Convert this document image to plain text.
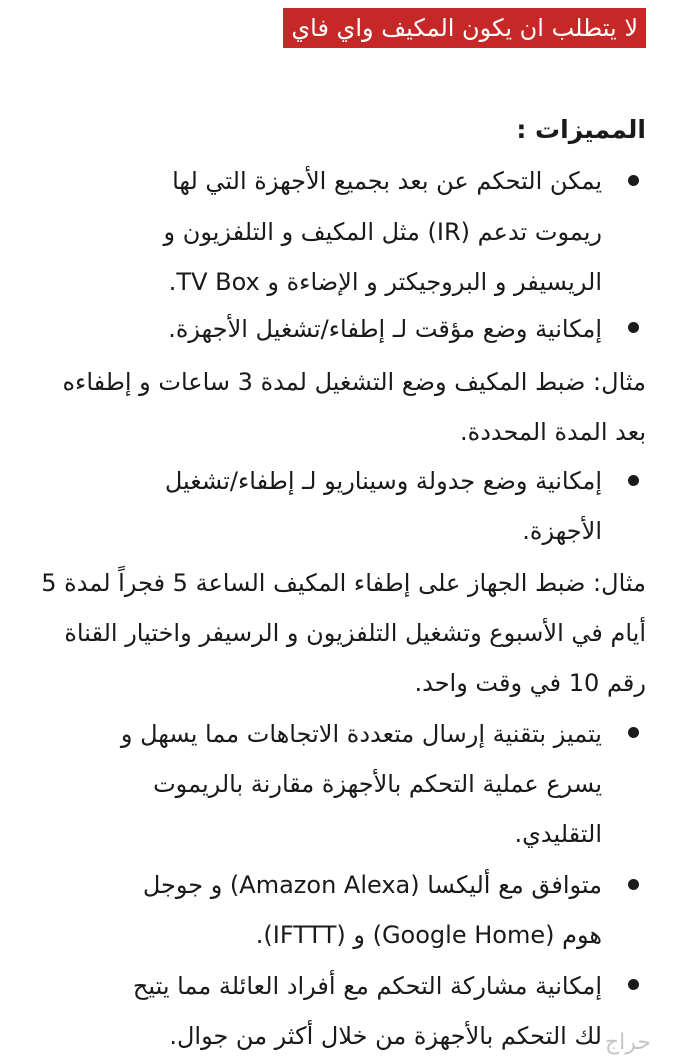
لا يتطلب ان يكون المكيف واي فاي
المميزات :
يمكن التحكم عن بعد بجميع الأجهزة التي لها
ريموت تدعم (IR) مثل المكيف و التلفزيون و
الريسيفر و البروجيكتر و الإضاءة و TV Box.
إمكانية وضع مؤقت لـ إطفاء/تشغيل الأجهزة.
مثال: ضبط المكيف وضع التشغيل لمدة 3 ساعات و إطفاءه
بعد المدة المحددة.
إمكانية وضع جدولة وسيناريو لـ إطفاء/تشغيل
الأجهزة.
مثال: ضبط الجهاز على إطفاء المكيف الساعة 5 فجراً لمدة 5
أيام في الأسبوع وتشغيل التلفزيون و الرسيفر واختيار القناة
رقم 10 في وقت واحد.
يتميز بتقنية إرسال متعددة الاتجاهات مما يسهل و
يسرع عملية التحكم بالأجهزة مقارنة بالريموت
التقليدي.
متوافق مع أليكسا (Amazon Alexa) و جوجل
هوم (Google Home) و (IFTTT).
إمكانية مشاركة التحكم مع أفراد العائلة مما يتيح
لك التحكم بالأجهزة من خلال أكثر من جوال. حراج
